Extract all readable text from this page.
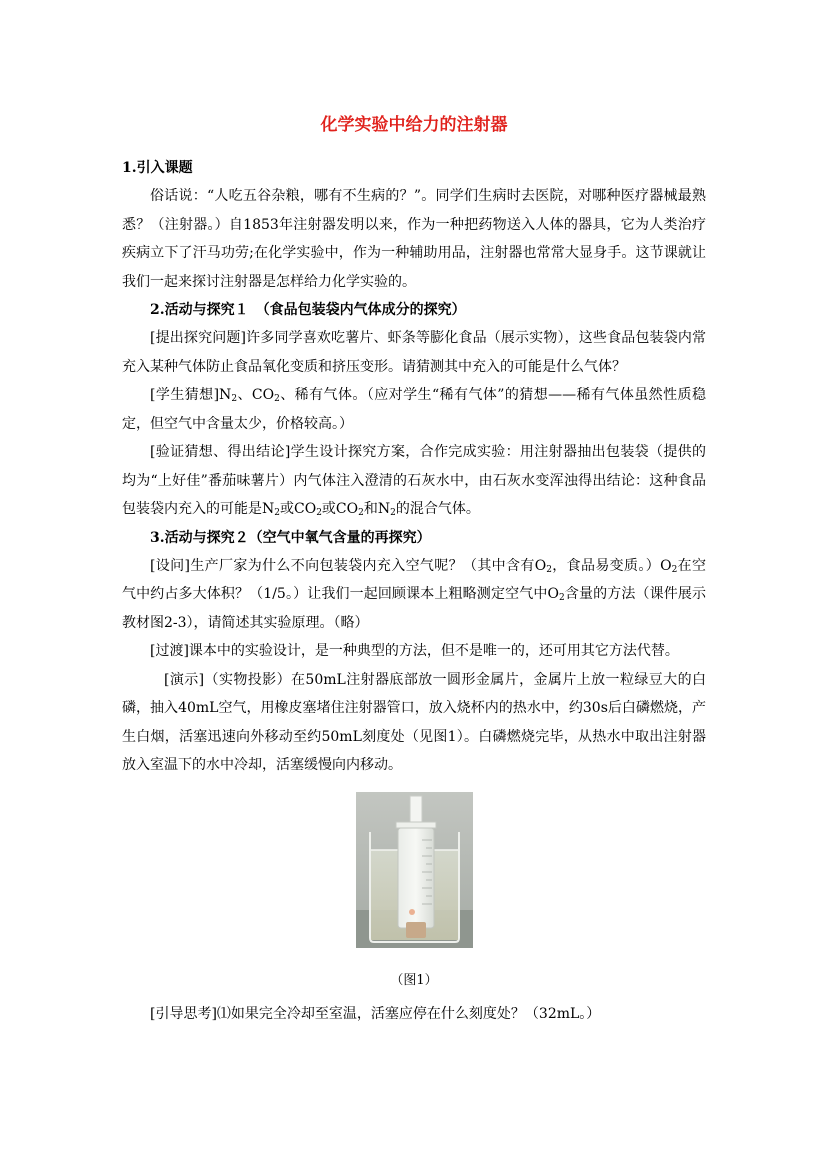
化学实验中给力的注射器

1.引入课题

俗话说：“人吃五谷杂粮，哪有不生病的？”。同学们生病时去医院，对哪种医疗器械最熟悉？（注射器。）自1853年注射器发明以来，作为一种把药物送入人体的器具，它为人类治疗疾病立下了汗马功劳;在化学实验中，作为一种辅助用品，注射器也常常大显身手。这节课就让我们一起来探讨注射器是怎样给力化学实验的。

2.活动与探究１　（食品包装袋内气体成分的探究）

[提出探究问题]许多同学喜欢吃薯片、虾条等膨化食品（展示实物），这些食品包装袋内常充入某种气体防止食品氧化变质和挤压变形。请猜测其中充入的可能是什么气体？

[学生猜想]$N_2$、$CO_2$、稀有气体。（应对学生“稀有气体”的猜想——稀有气体虽然性质稳定，但空气中含量太少，价格较高。）

[验证猜想、得出结论]学生设计探究方案，合作完成实验：用注射器抽出包装袋（提供的均为“上好佳”番茄味薯片）内气体注入澄清的石灰水中，由石灰水变浑浊得出结论：这种食品包装袋内充入的可能是$N_2$或$CO_2$或$CO_2$和$N_2$的混合气体。

3.活动与探究２（空气中氧气含量的再探究）

[设问]生产厂家为什么不向包装袋内充入空气呢？（其中含有$O_2$，食品易变质。）$O_2$在空气中约占多大体积？（1/5。）让我们一起回顾课本上粗略测定空气中$O_2$含量的方法（课件展示教材图2-3），请简述其实验原理。（略）

[过渡]课本中的实验设计，是一种典型的方法，但不是唯一的，还可用其它方法代替。

[演示]（实物投影）在50mL注射器底部放一圆形金属片，金属片上放一粒绿豆大的白磷，抽入40mL空气，用橡皮塞堵住注射器管口，放入烧杯内的热水中，约30s后白磷燃烧，产生白烟，活塞迅速向外移动至约50mL刻度处（见图1）。白磷燃烧完毕，从热水中取出注射器放入室温下的水中冷却，活塞缓慢向内移动。

（图1）

[引导思考]⑴如果完全冷却至室温，活塞应停在什么刻度处？（32mL。）
